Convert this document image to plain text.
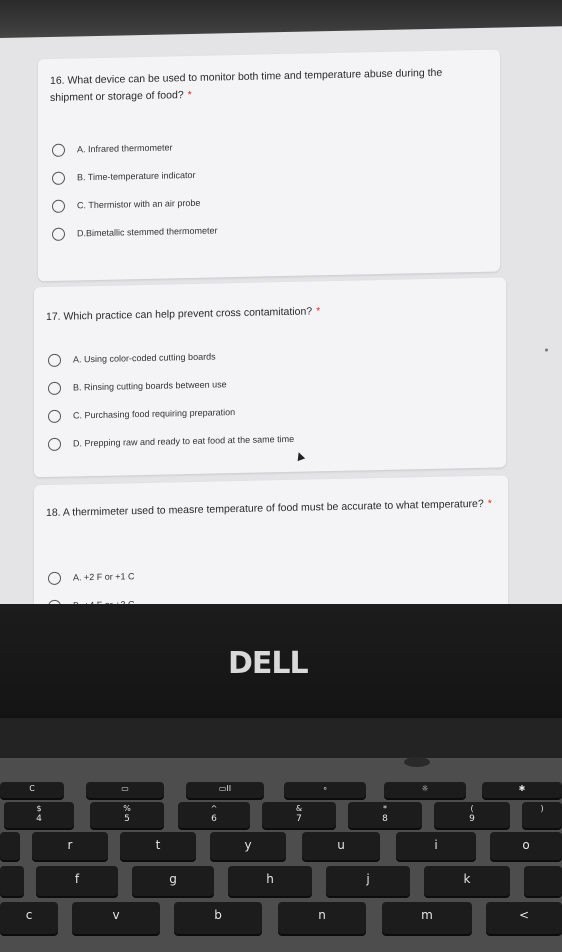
16. What device can be used to monitor both time and temperature abuse during the shipment or storage of food? *
A. Infrared thermometer
B. Time-temperature indicator
C. Thermistor with an air probe
D.Bimetallic stemmed thermometer
17. Which practice can help prevent cross contamitation? *
A. Using color-coded cutting boards
B. Rinsing cutting boards between use
C. Purchasing food requiring preparation
D. Prepping raw and ready to eat food at the same time
18. A thermimeter used to measre temperature of food must be accurate to what temperature? *
A. +2 F or +1 C
DELL
C	▭	▭II	∘	☼	✱
$
4
%
5
^
6
&
7
*
8
(
9
)
r	t	y	u	i	o
f	g	h	j	k
c	v	b	n	m	<
